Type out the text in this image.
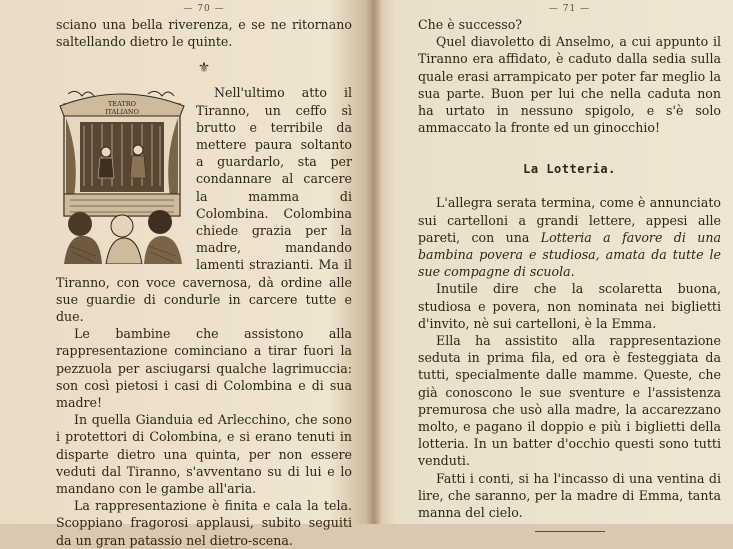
— 70 —

sciano una bella riverenza, e se ne ritornano saltellando dietro le quinte.

⚜
TEATRO
ITALIANO

Nell'ultimo atto il Tiranno, un ceffo sì brutto e terribile da mettere paura soltanto a guardarlo, sta per condannare al carcere la mamma di Colombina. Colombina chiede grazia per la madre, mandando lamenti strazianti. Ma il Tiranno, con voce cavernosa, dà ordine alle sue guardie di condurle in carcere tutte e due.

Le bambine che assistono alla rappresentazione cominciano a tirar fuori la pezzuola per asciugarsi qualche lagrimuccia: son così pietosi i casi di Colombina e di sua madre!

In quella Gianduia ed Arlecchino, che sono i protettori di Colombina, e si erano tenuti in disparte dietro una quinta, per non essere veduti dal Tiranno, s'avventano su di lui e lo mandano con le gambe all'aria.

La rappresentazione è finita e cala la tela. Scoppiano fragorosi applausi, subito seguiti da un gran patassio nel dietro-scena.

— 71 —

Che è successo?

Quel diavoletto di Anselmo, a cui appunto il Tiranno era affidato, è caduto dalla sedia sulla quale erasi arrampicato per poter far meglio la sua parte. Buon per lui che nella caduta non ha urtato in nessuno spigolo, e s'è solo ammaccato la fronte ed un ginocchio!

La Lotteria.

L'allegra serata termina, come è annunciato sui cartelloni a grandi lettere, appesi alle pareti, con una Lotteria a favore di una bambina povera e studiosa, amata da tutte le sue compagne di scuola.

Inutile dire che la scolaretta buona, studiosa e povera, non nominata nei biglietti d'invito, nè sui cartelloni, è la Emma.

Ella ha assistito alla rappresentazione seduta in prima fila, ed ora è festeggiata da tutti, specialmente dalle mamme. Queste, che già conoscono le sue sventure e l'assistenza premurosa che usò alla madre, la accarezzano molto, e pagano il doppio e più i biglietti della lotteria. In un batter d'occhio questi sono tutti venduti.

Fatti i conti, si ha l'incasso di una ventina di lire, che saranno, per la madre di Emma, tanta manna del cielo.
